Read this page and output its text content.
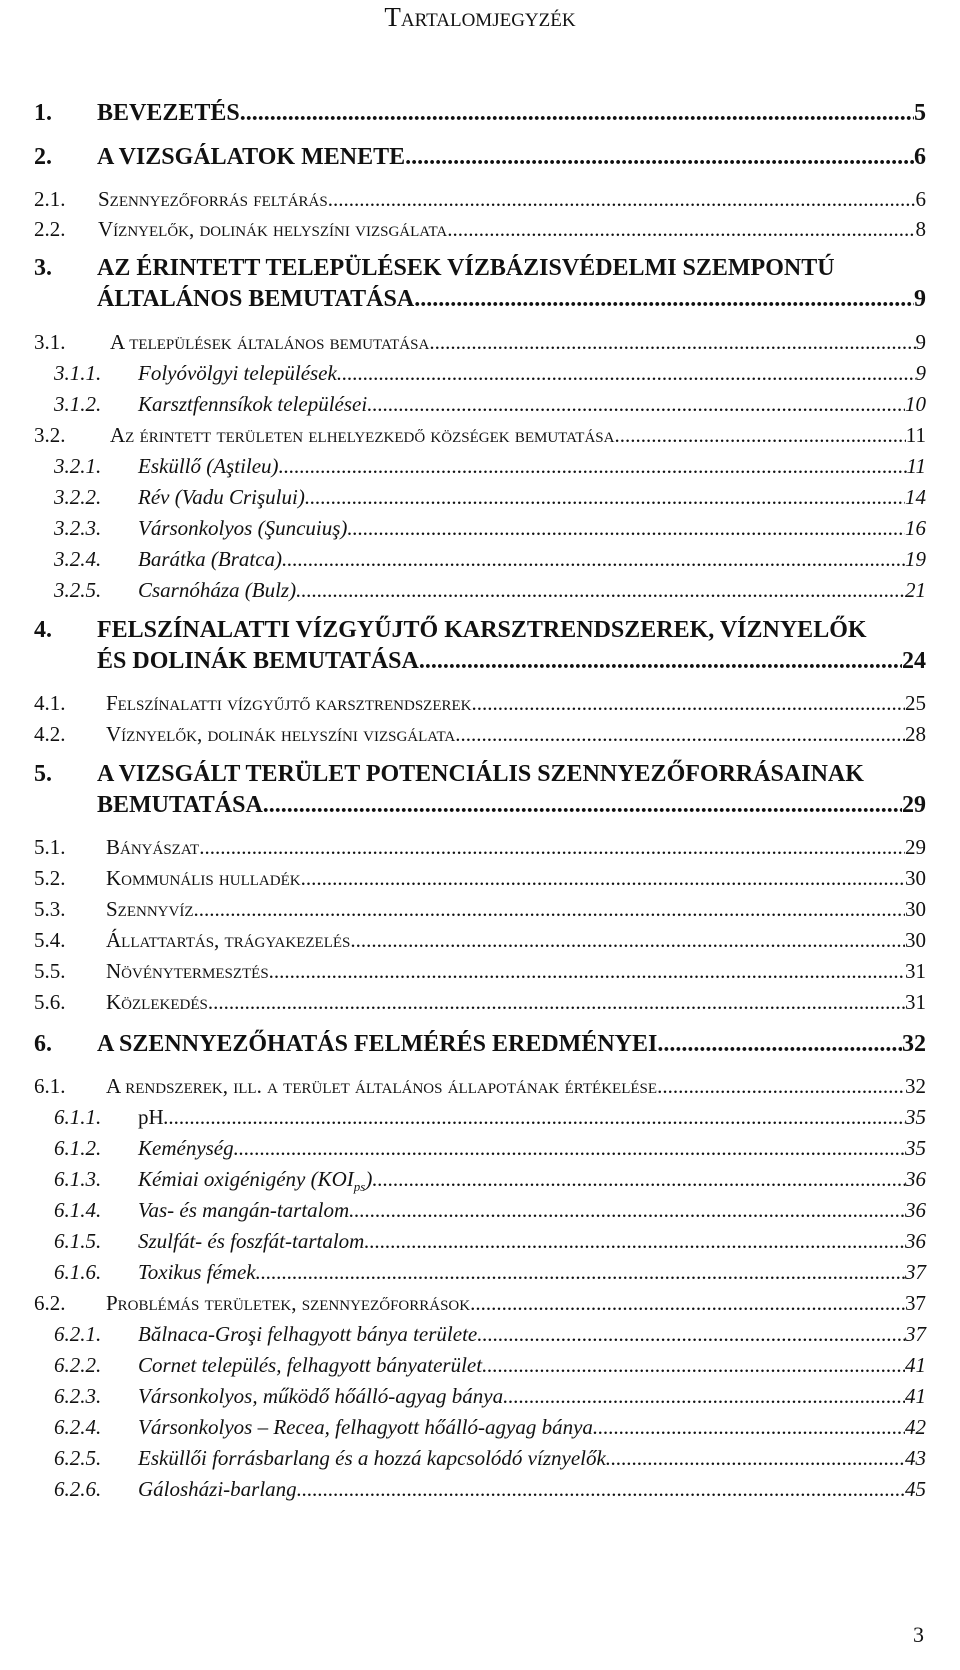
Tartalomjegyzék
1.	BEVEZETÉS .....	5
2.	A VIZSGÁLATOK MENETE .....	6
2.1.	Szennyezőforrás feltárás .....	6
2.2.	Víznyelők, dolinák helyszíni vizsgálata .....	8
3.	AZ ÉRINTETT TELEPÜLÉSEK VÍZBÁZISVÉDELMI SZEMPONTÚ
ÁLTALÁNOS BEMUTATÁSA .....	9
3.1.	A települések általános bemutatása .....	9
3.1.1.	Folyóvölgyi települések .....	9
3.1.2.	Karsztfennsíkok települései .....	10
3.2.	Az érintett területen elhelyezkedő községek bemutatása .....	11
3.2.1.	Esküllő (Aştileu) .....	11
3.2.2.	Rév (Vadu Crişului) .....	14
3.2.3.	Vársonkolyos (Şuncuiuş) .....	16
3.2.4.	Barátka (Bratca) .....	19
3.2.5.	Csarnóháza (Bulz) .....	21
4.	FELSZÍNALATTI VÍZGYŰJTŐ KARSZTRENDSZEREK, VÍZNYELŐK
ÉS DOLINÁK BEMUTATÁSA .....	24
4.1.	Felszínalatti vízgyűjtő karsztrendszerek .....	25
4.2.	Víznyelők, dolinák helyszíni vizsgálata .....	28
5.	A VIZSGÁLT TERÜLET POTENCIÁLIS SZENNYEZŐFORRÁSAINAK
BEMUTATÁSA .....	29
5.1.	Bányászat .....	29
5.2.	Kommunális hulladék .....	30
5.3.	Szennyvíz .....	30
5.4.	Állattartás, trágyakezelés .....	30
5.5.	Növénytermesztés .....	31
5.6.	Közlekedés .....	31
6.	A SZENNYEZŐHATÁS FELMÉRÉS EREDMÉNYEI .....	32
6.1.	A rendszerek, ill. a terület általános állapotának értékelése .....	32
6.1.1.	pH .....	35
6.1.2.	Keménység .....	35
6.1.3.	Kémiai oxigénigény $(KOI_{ps})$ .....	36
6.1.4.	Vas- és mangán-tartalom .....	36
6.1.5.	Szulfát- és foszfát-tartalom .....	36
6.1.6.	Toxikus fémek .....	37
6.2.	Problémás területek, szennyezőforrások .....	37
6.2.1.	Bălnaca-Groşi felhagyott bánya területe .....	37
6.2.2.	Cornet település, felhagyott bányaterület .....	41
6.2.3.	Vársonkolyos, működő hőálló-agyag bánya .....	41
6.2.4.	Vársonkolyos – Recea, felhagyott hőálló-agyag bánya .....	42
6.2.5.	Esküllői forrásbarlang és a hozzá kapcsolódó víznyelők .....	43
6.2.6.	Gálosházi-barlang .....	45
3
